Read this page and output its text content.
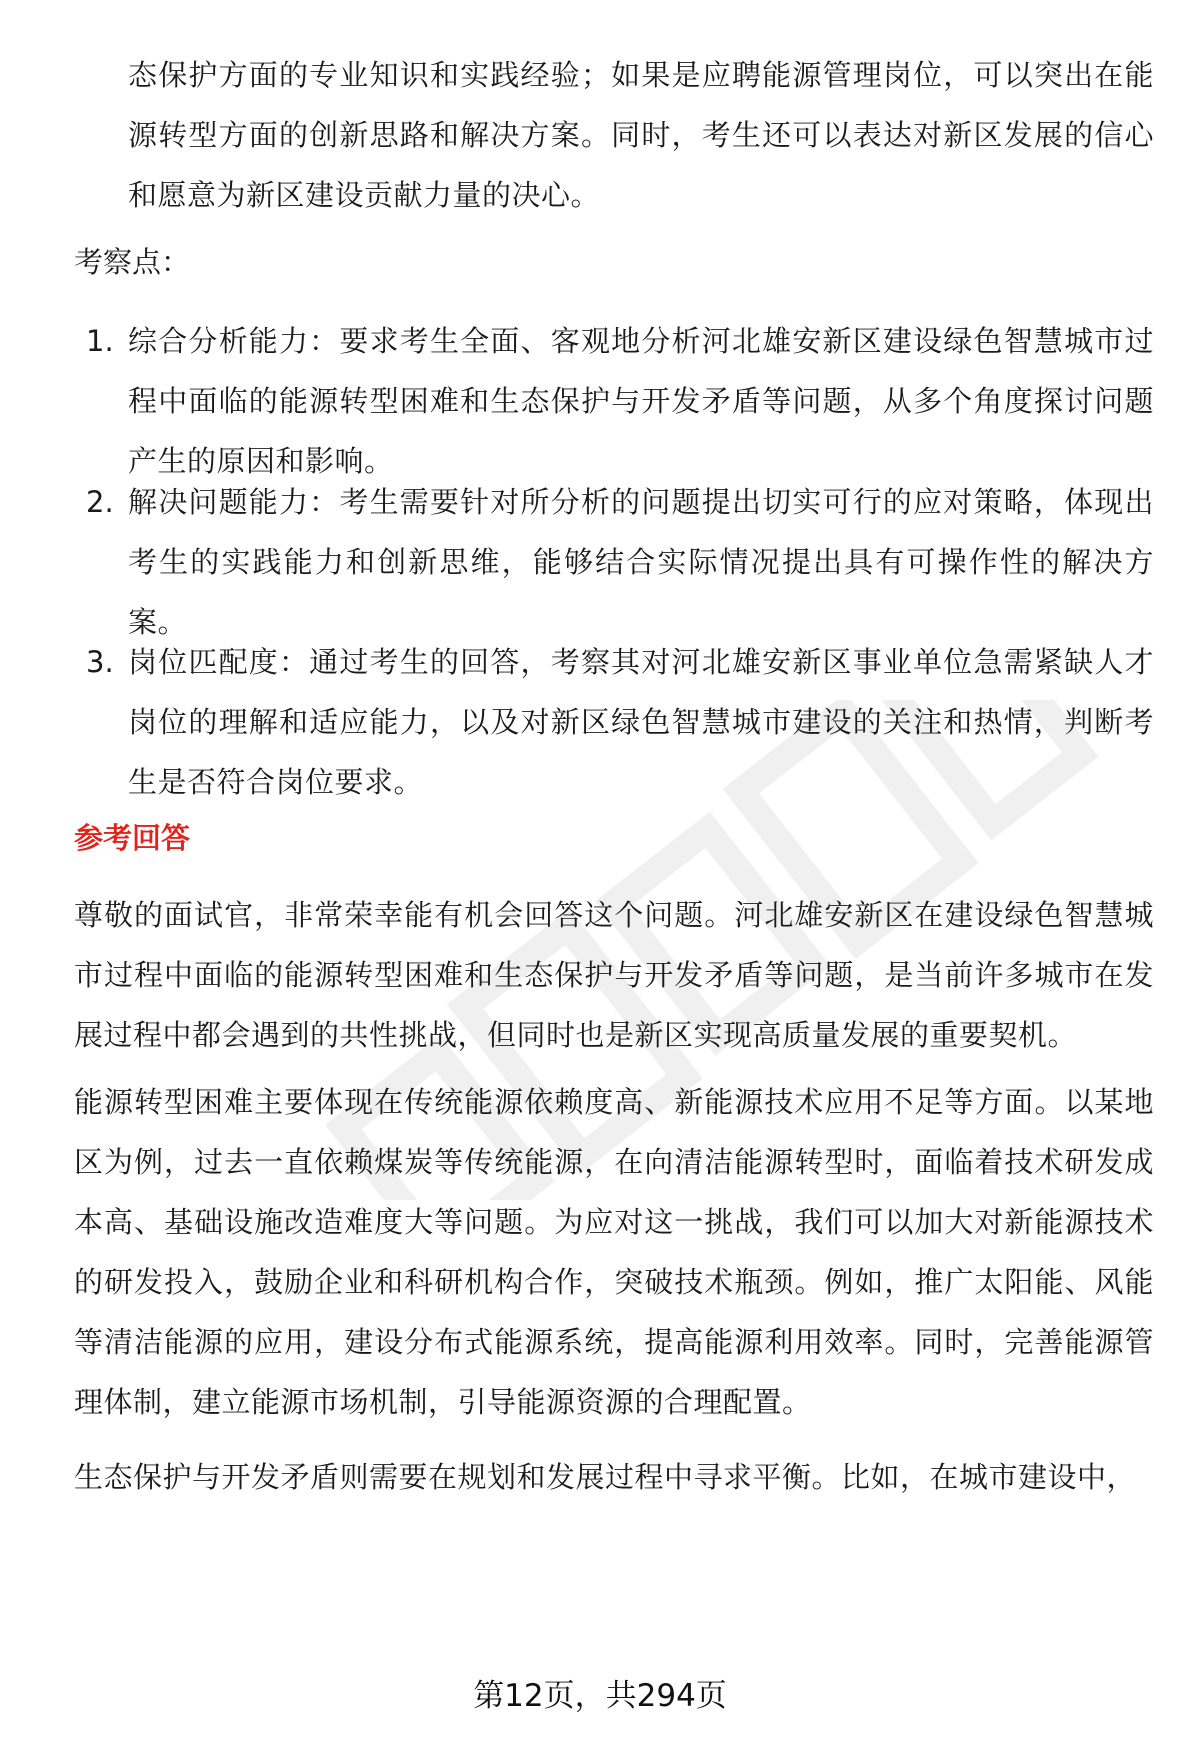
态保护方面的专业知识和实践经验；如果是应聘能源管理岗位，可以突出在能源转型方面的创新思路和解决方案。同时，考生还可以表达对新区发展的信心和愿意为新区建设贡献力量的决心。

考察点：

1. 综合分析能力：要求考生全面、客观地分析河北雄安新区建设绿色智慧城市过程中面临的能源转型困难和生态保护与开发矛盾等问题，从多个角度探讨问题产生的原因和影响。

2. 解决问题能力：考生需要针对所分析的问题提出切实可行的应对策略，体现出考生的实践能力和创新思维，能够结合实际情况提出具有可操作性的解决方案。

3. 岗位匹配度：通过考生的回答，考察其对河北雄安新区事业单位急需紧缺人才岗位的理解和适应能力，以及对新区绿色智慧城市建设的关注和热情，判断考生是否符合岗位要求。

参考回答

尊敬的面试官，非常荣幸能有机会回答这个问题。河北雄安新区在建设绿色智慧城市过程中面临的能源转型困难和生态保护与开发矛盾等问题，是当前许多城市在发展过程中都会遇到的共性挑战，但同时也是新区实现高质量发展的重要契机。

能源转型困难主要体现在传统能源依赖度高、新能源技术应用不足等方面。以某地区为例，过去一直依赖煤炭等传统能源，在向清洁能源转型时，面临着技术研发成本高、基础设施改造难度大等问题。为应对这一挑战，我们可以加大对新能源技术的研发投入，鼓励企业和科研机构合作，突破技术瓶颈。例如，推广太阳能、风能等清洁能源的应用，建设分布式能源系统，提高能源利用效率。同时，完善能源管理体制，建立能源市场机制，引导能源资源的合理配置。

生态保护与开发矛盾则需要在规划和发展过程中寻求平衡。比如，在城市建设中，

第12页，共294页
